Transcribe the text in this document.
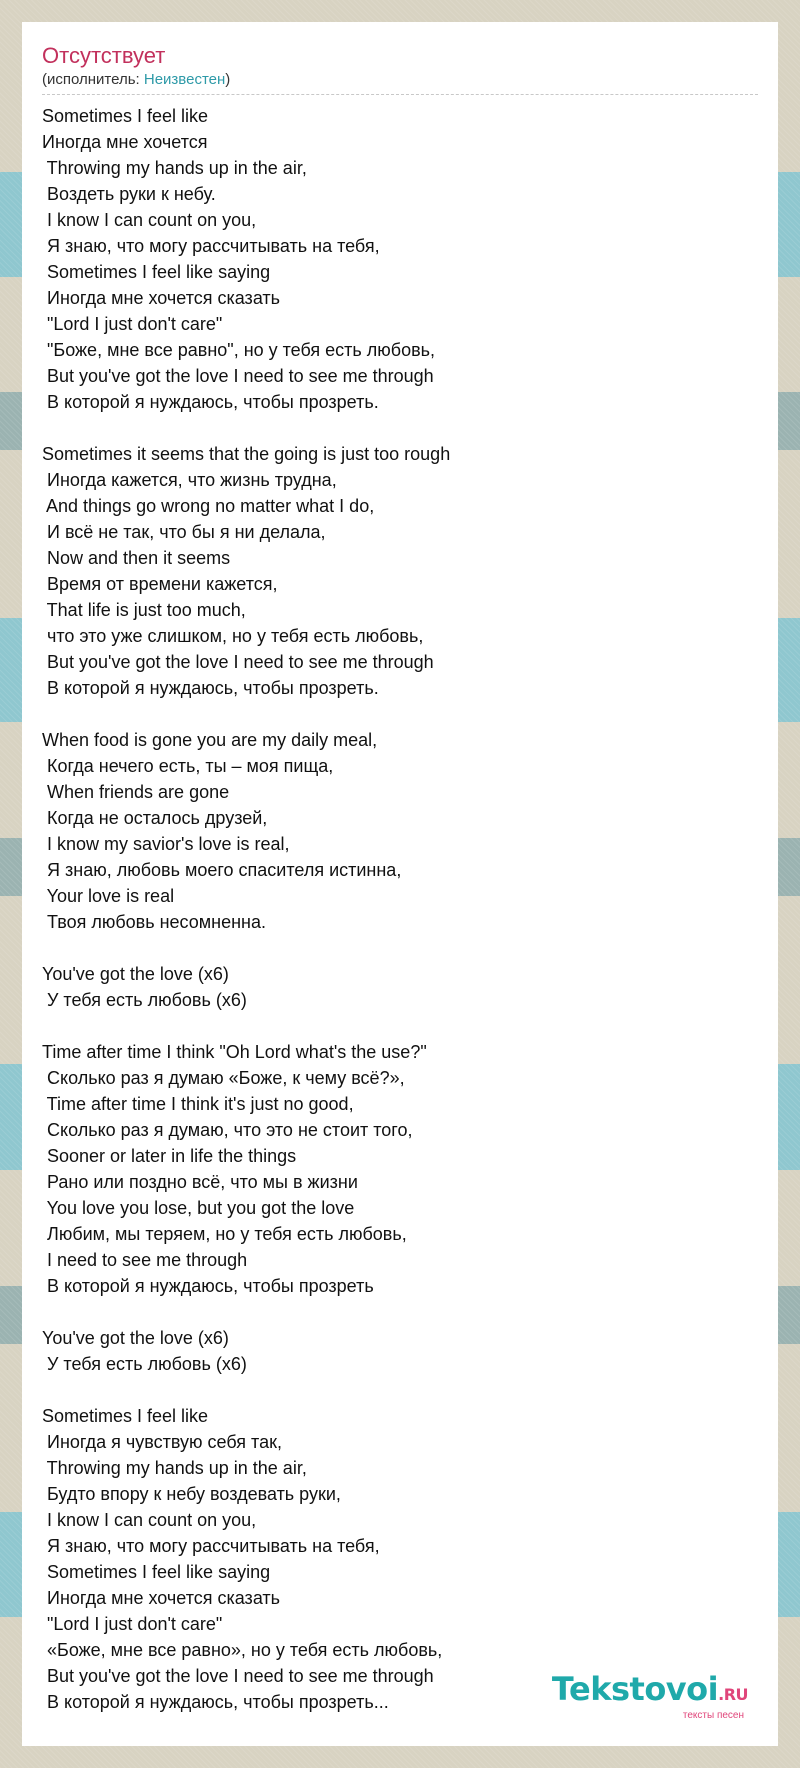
Отсутствует
(исполнитель: Неизвестен)
Sometimes I feel like
Иногда мне хочется
Throwing my hands up in the air,
Воздеть руки к небу.
I know I can count on you,
Я знаю, что могу рассчитывать на тебя,
Sometimes I feel like saying
Иногда мне хочется сказать
"Lord I just don't care"
"Боже, мне все равно", но у тебя есть любовь,
But you've got the love I need to see me through
В которой я нуждаюсь, чтобы прозреть.

Sometimes it seems that the going is just too rough
Иногда кажется, что жизнь трудна,
And things go wrong no matter what I do,
И всё не так, что бы я ни делала,
Now and then it seems
Время от времени кажется,
That life is just too much,
что это уже слишком, но у тебя есть любовь,
But you've got the love I need to see me through
В которой я нуждаюсь, чтобы прозреть.

When food is gone you are my daily meal,
Когда нечего есть, ты – моя пища,
When friends are gone
Когда не осталось друзей,
I know my savior's love is real,
Я знаю, любовь моего спасителя истинна,
Your love is real
Твоя любовь несомненна.

You've got the love (x6)
У тебя есть любовь (x6)

Time after time I think "Oh Lord what's the use?"
Сколько раз я думаю «Боже, к чему всё?»,
Time after time I think it's just no good,
Сколько раз я думаю, что это не стоит того,
Sooner or later in life the things
Рано или поздно всё, что мы в жизни
You love you lose, but you got the love
Любим, мы теряем, но у тебя есть любовь,
I need to see me through
В которой я нуждаюсь, чтобы прозреть

You've got the love (x6)
У тебя есть любовь (x6)

Sometimes I feel like
Иногда я чувствую себя так,
Throwing my hands up in the air,
Будто впору к небу воздевать руки,
I know I can count on you,
Я знаю, что могу рассчитывать на тебя,
Sometimes I feel like saying
Иногда мне хочется сказать
"Lord I just don't care"
«Боже, мне все равно», но у тебя есть любовь,
But you've got the love I need to see me through
В которой я нуждаюсь, чтобы прозреть...	Tekstovoi.RU
тексты песен
